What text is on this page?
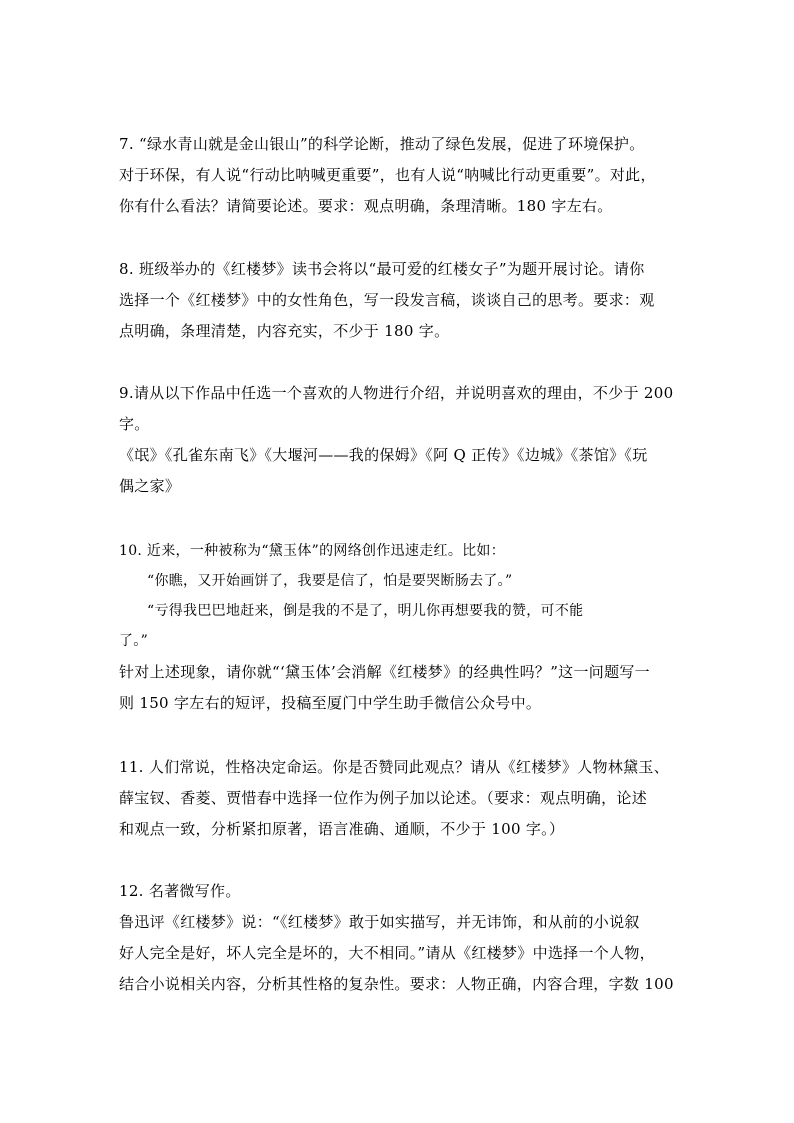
7. “绿水青山就是金山银山”的科学论断，推动了绿色发展，促进了环境保护。
对于环保，有人说“行动比呐喊更重要”，也有人说“呐喊比行动更重要”。对此，
你有什么看法？请简要论述。要求：观点明确，条理清晰。180 字左右。
8. 班级举办的《红楼梦》读书会将以“最可爱的红楼女子”为题开展讨论。请你
选择一个《红楼梦》中的女性角色，写一段发言稿，谈谈自己的思考。要求：观
点明确，条理清楚，内容充实，不少于 180 字。
9.请从以下作品中任选一个喜欢的人物进行介绍，并说明喜欢的理由，不少于 200
字。
《氓》《孔雀东南飞》《大堰河——我的保姆》《阿 Q 正传》《边城》《茶馆》《玩
偶之家》
10. 近来，一种被称为“黛玉体”的网络创作迅速走红。比如：
“你瞧，又开始画饼了，我要是信了，怕是要哭断肠去了。”
“亏得我巴巴地赶来，倒是我的不是了，明儿你再想要我的赞，可不能
了。”
针对上述现象，请你就“‘黛玉体’会消解《红楼梦》的经典性吗？”这一问题写一
则 150 字左右的短评，投稿至厦门中学生助手微信公众号中。
11. 人们常说，性格决定命运。你是否赞同此观点？请从《红楼梦》人物林黛玉、
薛宝钗、香菱、贾惜春中选择一位作为例子加以论述。（要求：观点明确，论述
和观点一致，分析紧扣原著，语言准确、通顺，不少于 100 字。）
12. 名著微写作。
鲁迅评《红楼梦》说：“《红楼梦》敢于如实描写，并无讳饰，和从前的小说叙
好人完全是好，坏人完全是坏的，大不相同。”请从《红楼梦》中选择一个人物，
结合小说相关内容，分析其性格的复杂性。要求：人物正确，内容合理，字数 100
